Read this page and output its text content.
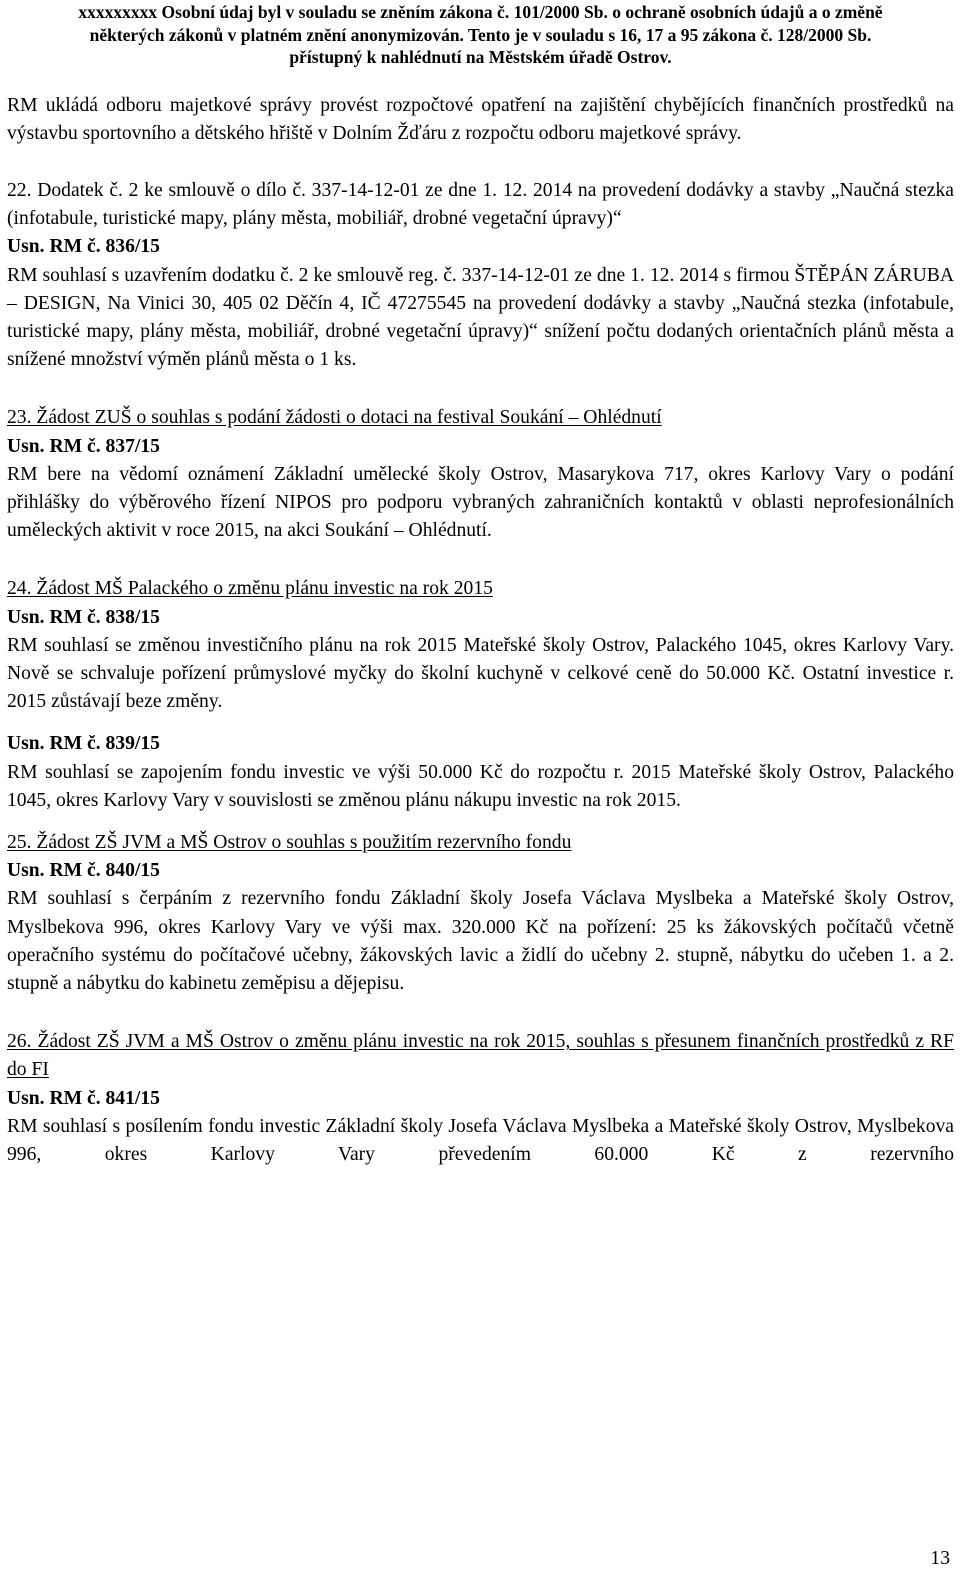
xxxxxxxxx Osobní údaj byl v souladu se zněním zákona č. 101/2000 Sb. o ochraně osobních údajů a o změně
některých zákonů v platném znění anonymizován. Tento je v souladu s 16, 17 a 95 zákona č. 128/2000 Sb.
přístupný k nahlédnutí na Městském úřadě Ostrov.
RM ukládá odboru majetkové správy provést rozpočtové opatření na zajištění chybějících finančních prostředků na výstavbu sportovního a dětského hřiště v Dolním Žďáru z rozpočtu odboru majetkové správy.
22. Dodatek č. 2 ke smlouvě o dílo č. 337-14-12-01 ze dne 1. 12. 2014 na provedení dodávky a stavby „Naučná stezka (infotabule, turistické mapy, plány města, mobiliář, drobné vegetační úpravy)“
Usn. RM č. 836/15
RM souhlasí s uzavřením dodatku č. 2 ke smlouvě reg. č. 337-14-12-01 ze dne 1. 12. 2014 s firmou ŠTĚPÁN ZÁRUBA – DESIGN, Na Vinici 30, 405 02 Děčín 4, IČ 47275545 na provedení dodávky a stavby „Naučná stezka (infotabule, turistické mapy, plány města, mobiliář, drobné vegetační úpravy)“ snížení počtu dodaných orientačních plánů města a snížené množství výměn plánů města o 1 ks.
23. Žádost ZUŠ o souhlas s podání žádosti o dotaci na festival Soukání – Ohlédnutí
Usn. RM č. 837/15
RM bere na vědomí oznámení Základní umělecké školy Ostrov, Masarykova 717, okres Karlovy Vary o podání přihlášky do výběrového řízení NIPOS pro podporu vybraných zahraničních kontaktů v oblasti neprofesionálních uměleckých aktivit v roce 2015, na akci Soukání – Ohlédnutí.
24. Žádost MŠ Palackého o změnu plánu investic na rok 2015
Usn. RM č. 838/15
RM souhlasí se změnou investičního plánu na rok 2015 Mateřské školy Ostrov, Palackého 1045, okres Karlovy Vary. Nově se schvaluje pořízení průmyslové myčky do školní kuchyně v celkové ceně do 50.000 Kč. Ostatní investice r. 2015 zůstávají beze změny.
Usn. RM č. 839/15
RM souhlasí se zapojením fondu investic ve výši 50.000 Kč do rozpočtu r. 2015 Mateřské školy Ostrov, Palackého 1045, okres Karlovy Vary v souvislosti se změnou plánu nákupu investic na rok 2015.
25. Žádost ZŠ JVM a MŠ Ostrov o souhlas s použitím rezervního fondu
Usn. RM č. 840/15
RM souhlasí s čerpáním z rezervního fondu Základní školy Josefa Václava Myslbeka a Mateřské školy Ostrov, Myslbekova 996, okres Karlovy Vary ve výši max. 320.000 Kč na pořízení: 25 ks žákovských počítačů včetně operačního systému do počítačové učebny, žákovských lavic a židlí do učebny 2. stupně, nábytku do učeben 1. a 2. stupně a nábytku do kabinetu zeměpisu a dějepisu.
26. Žádost ZŠ JVM a MŠ Ostrov o změnu plánu investic na rok 2015, souhlas s přesunem finančních prostředků z RF do FI
Usn. RM č. 841/15
RM souhlasí s posílením fondu investic Základní školy Josefa Václava Myslbeka a Mateřské školy Ostrov, Myslbekova 996, okres Karlovy Vary převedením 60.000 Kč z rezervního
13
